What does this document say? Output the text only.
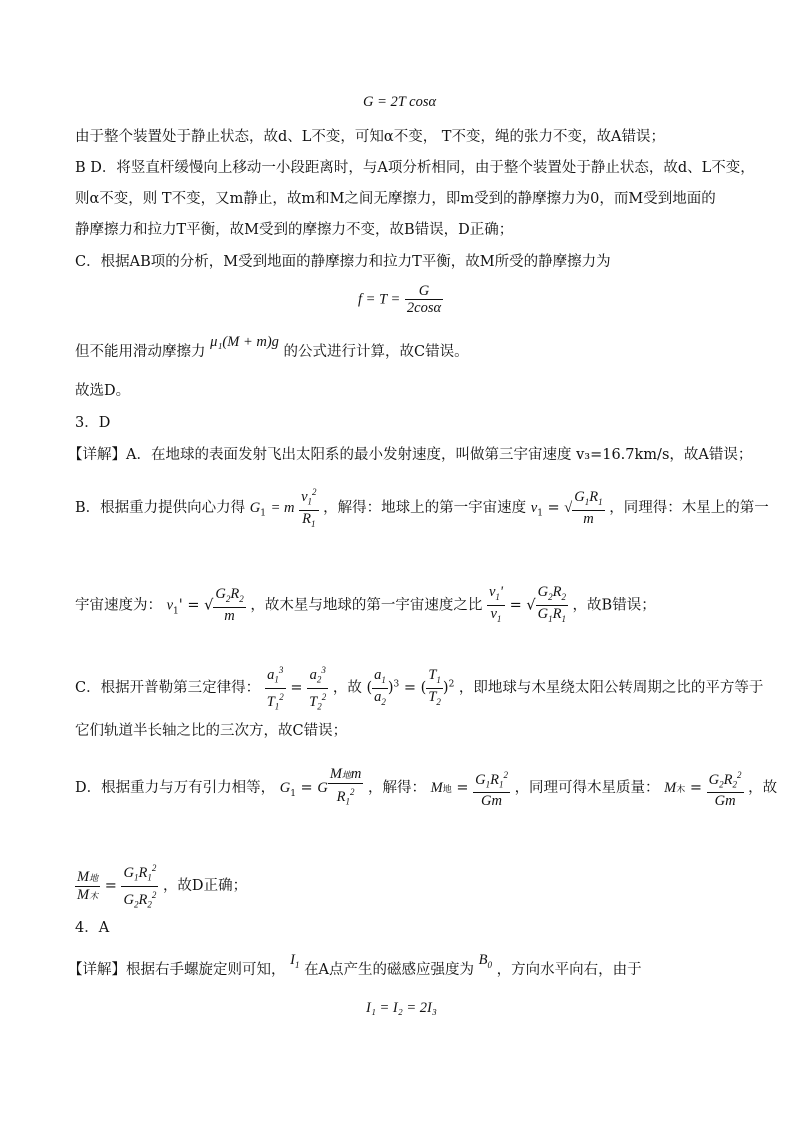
G = 2T cosα
由于整个装置处于静止状态，故d、L不变，可知α不变， T不变，绳的张力不变，故A错误；
B D．将竖直杆缓慢向上移动一小段距离时，与A项分析相同，由于整个装置处于静止状态，故d、L不变，
则α不变，则 T不变，又m静止，故m和M之间无摩擦力，即m受到的静摩擦力为0，而M受到地面的
静摩擦力和拉力T平衡，故M受到的摩擦力不变，故B错误，D正确；
C．根据AB项的分析，M受到地面的静摩擦力和拉力T平衡，故M所受的静摩擦力为
$f = T = \frac{G}{2\cos\alpha}$
但不能用滑动摩擦力 μ₁(M + m)g 的公式进行计算，故C错误。
故选D。
3．D
【详解】A．在地球的表面发射飞出太阳系的最小发射速度，叫做第三宇宙速度 v₃=16.7km/s，故A错误；
B．根据重力提供向心力得 $G_1 = m \frac{v_1^2}{R_1}$ ，解得：地球上的第一宇宙速度 $v_1$ = √ $\frac{G_1R_1}{m}$ ，同理得：木星上的第一
宇宙速度为： $v_1'$ = √ $\frac{G_2R_2}{m}$ ，故木星与地球的第一宇宙速度之比 $\frac{v_1'}{v_1}$ = √ $\frac{G_2R_2}{G_1R_1}$ ，故B错误；
C．根据开普勒第三定律得： $\frac{a_1^3}{T_1^2} = \frac{a_2^3}{T_2^2}$ ，故 ( $\frac{a_1}{a_2} )^3$ = ( $\frac{T_1}{T_2} )^2$ ，即地球与木星绕太阳公转周期之比的平方等于
它们轨道半长轴之比的三次方，故C错误；
D．根据重力与万有引力相等， $G_1 = G \frac{\text{M地m}}{R_1^2}$ ，解得： M地 = $\frac{G_1R_1^2}{Gm}$ ，同理可得木星质量： M木 = $\frac{G_2R_2^2}{Gm}$ ，故
$\frac{\text{M地}}{\text{M木}} = \frac{G_1R_1^2}{G_2R_2^2}$ ，故D正确；
4．A
【详解】根据右手螺旋定则可知， $I_1$ 在A点产生的磁感应强度为 $B_0$ ，方向水平向右，由于
I₁ = I₂ = 2I₃
